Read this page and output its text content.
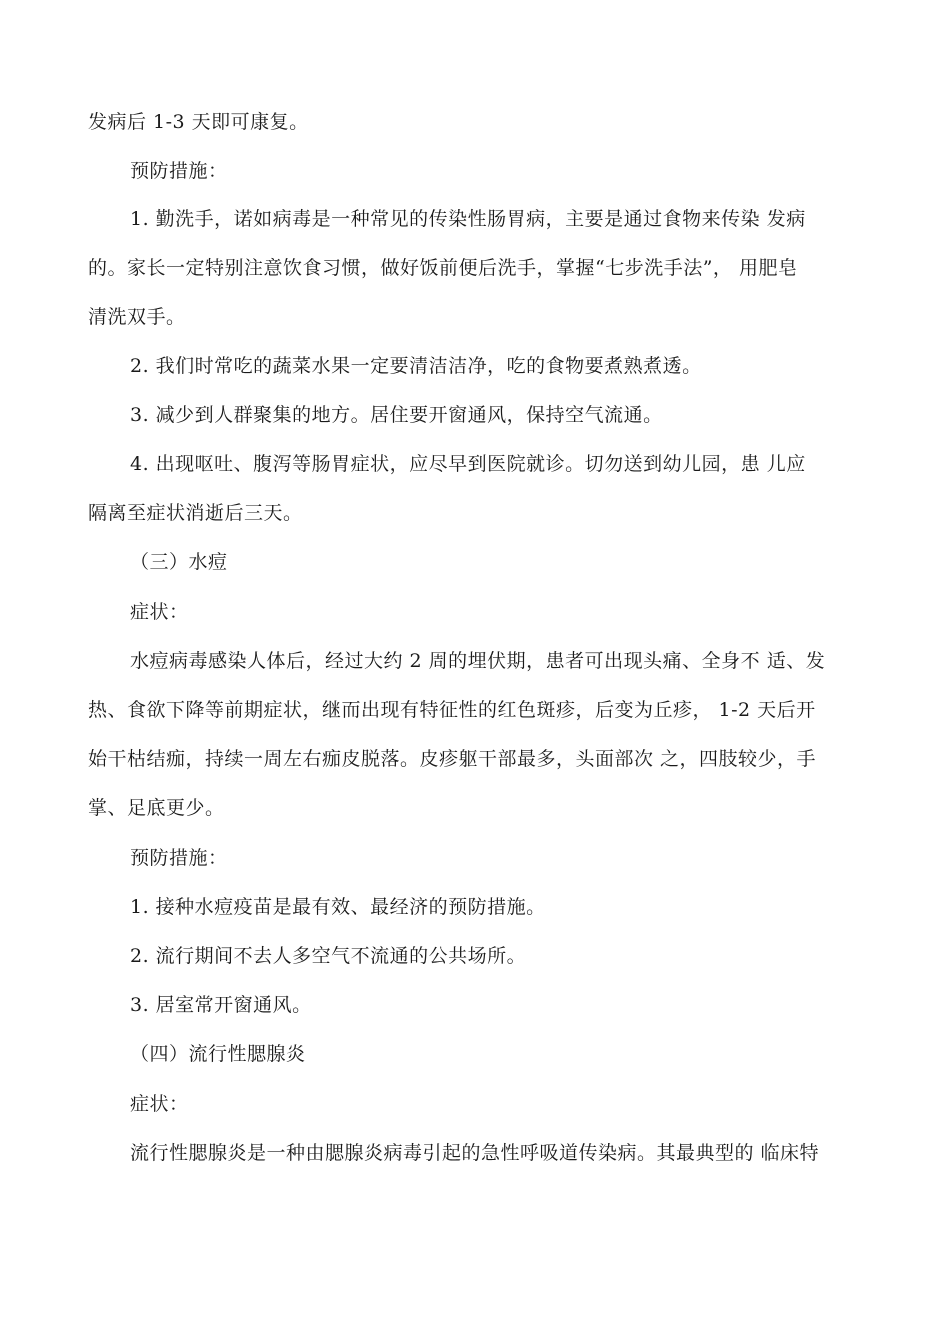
发病后 1-3 天即可康复。
预防措施：
1. 勤洗手，诺如病毒是一种常见的传染性肠胃病，主要是通过食物来传染 发病
的。家长一定特别注意饮食习惯，做好饭前便后洗手，掌握“七步洗手法”， 用肥皂
清洗双手。
2. 我们时常吃的蔬菜水果一定要清洁洁净，吃的食物要煮熟煮透。
3. 减少到人群聚集的地方。居住要开窗通风，保持空气流通。
4. 出现呕吐、腹泻等肠胃症状，应尽早到医院就诊。切勿送到幼儿园，患 儿应
隔离至症状消逝后三天。
（三）水痘
症状：
水痘病毒感染人体后，经过大约 2 周的埋伏期，患者可出现头痛、全身不 适、发
热、食欲下降等前期症状，继而出现有特征性的红色斑疹，后变为丘疹， 1-2 天后开
始干枯结痂，持续一周左右痂皮脱落。皮疹躯干部最多，头面部次 之，四肢较少，手
掌、足底更少。
预防措施：
1. 接种水痘疫苗是最有效、最经济的预防措施。
2. 流行期间不去人多空气不流通的公共场所。
3. 居室常开窗通风。
（四）流行性腮腺炎
症状：
流行性腮腺炎是一种由腮腺炎病毒引起的急性呼吸道传染病。其最典型的 临床特
